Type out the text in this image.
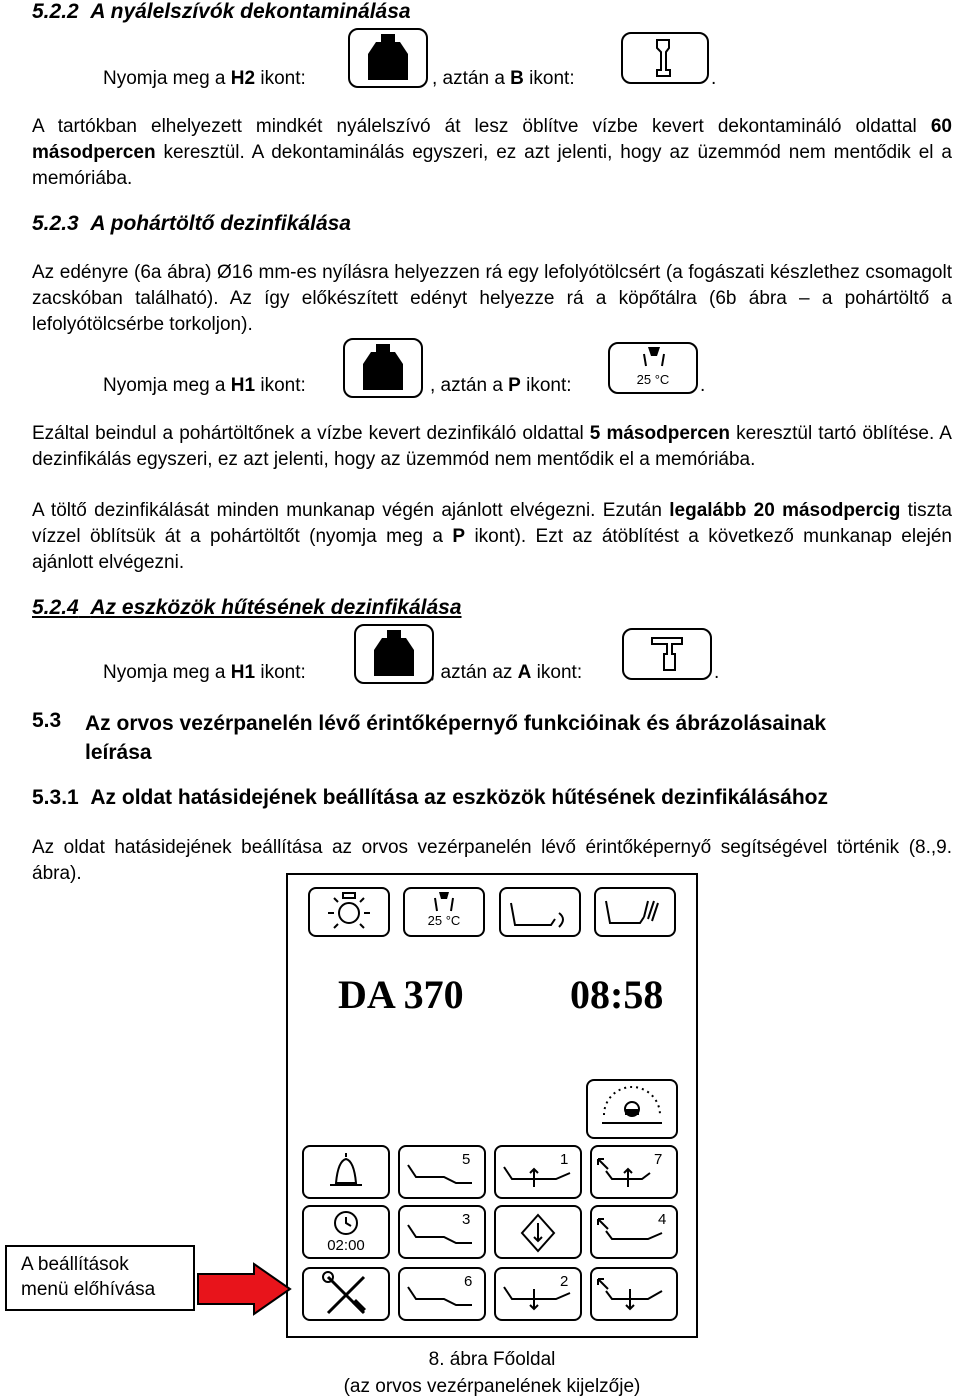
5.2.2 A nyálelszívók dekontaminálása
Nyomja meg a H2 ikont:	, aztán a B ikont:	.
A tartókban elhelyezett mindkét nyálelszívó át lesz öblítve vízbe kevert dekontamináló oldattal 60 másodpercen keresztül. A dekontaminálás egyszeri, ez azt jelenti, hogy az üzemmód nem mentődik el a memóriába.
5.2.3 A pohártöltő dezinfikálása
Az edényre (6a ábra) Ø16 mm-es nyílásra helyezzen rá egy lefolyótölcsért (a fogászati készlethez csomagolt zacskóban található). Az így előkészített edényt helyezze rá a köpőtálra (6b ábra – a pohártöltő a lefolyótölcsérbe torkoljon).
Nyomja meg a H1 ikont:	, aztán a P ikont:	25 °C	.
Ezáltal beindul a pohártöltőnek a vízbe kevert dezinfikáló oldattal 5 másodpercen keresztül tartó öblítése. A dezinfikálás egyszeri, ez azt jelenti, hogy az üzemmód nem mentődik el a memóriába.
A töltő dezinfikálását minden munkanap végén ajánlott elvégezni. Ezután legalább 20 másodpercig tiszta vízzel öblítsük át a pohártöltőt (nyomja meg a P ikont). Ezt az átöblítést a következő munkanap elején ajánlott elvégezni.
5.2.4 Az eszközök hűtésének dezinfikálása
Nyomja meg a H1 ikont:	, aztán az A ikont:	.
5.3 Az orvos vezérpanelén lévő érintőképernyő funkcióinak és ábrázolásainak
leírása
5.3.1 Az oldat hatásidejének beállítása az eszközök hűtésének dezinfikálásához
Az oldat hatásidejének beállítása az orvos vezérpanelén lévő érintőképernyő segítségével történik (8.,9. ábra).
25 °C
DA 370	08:58
5	1	7
02:00
3	4
6	2
A beállítások
menü előhívása
8. ábra Főoldal
(az orvos vezérpanelének kijelzője)
